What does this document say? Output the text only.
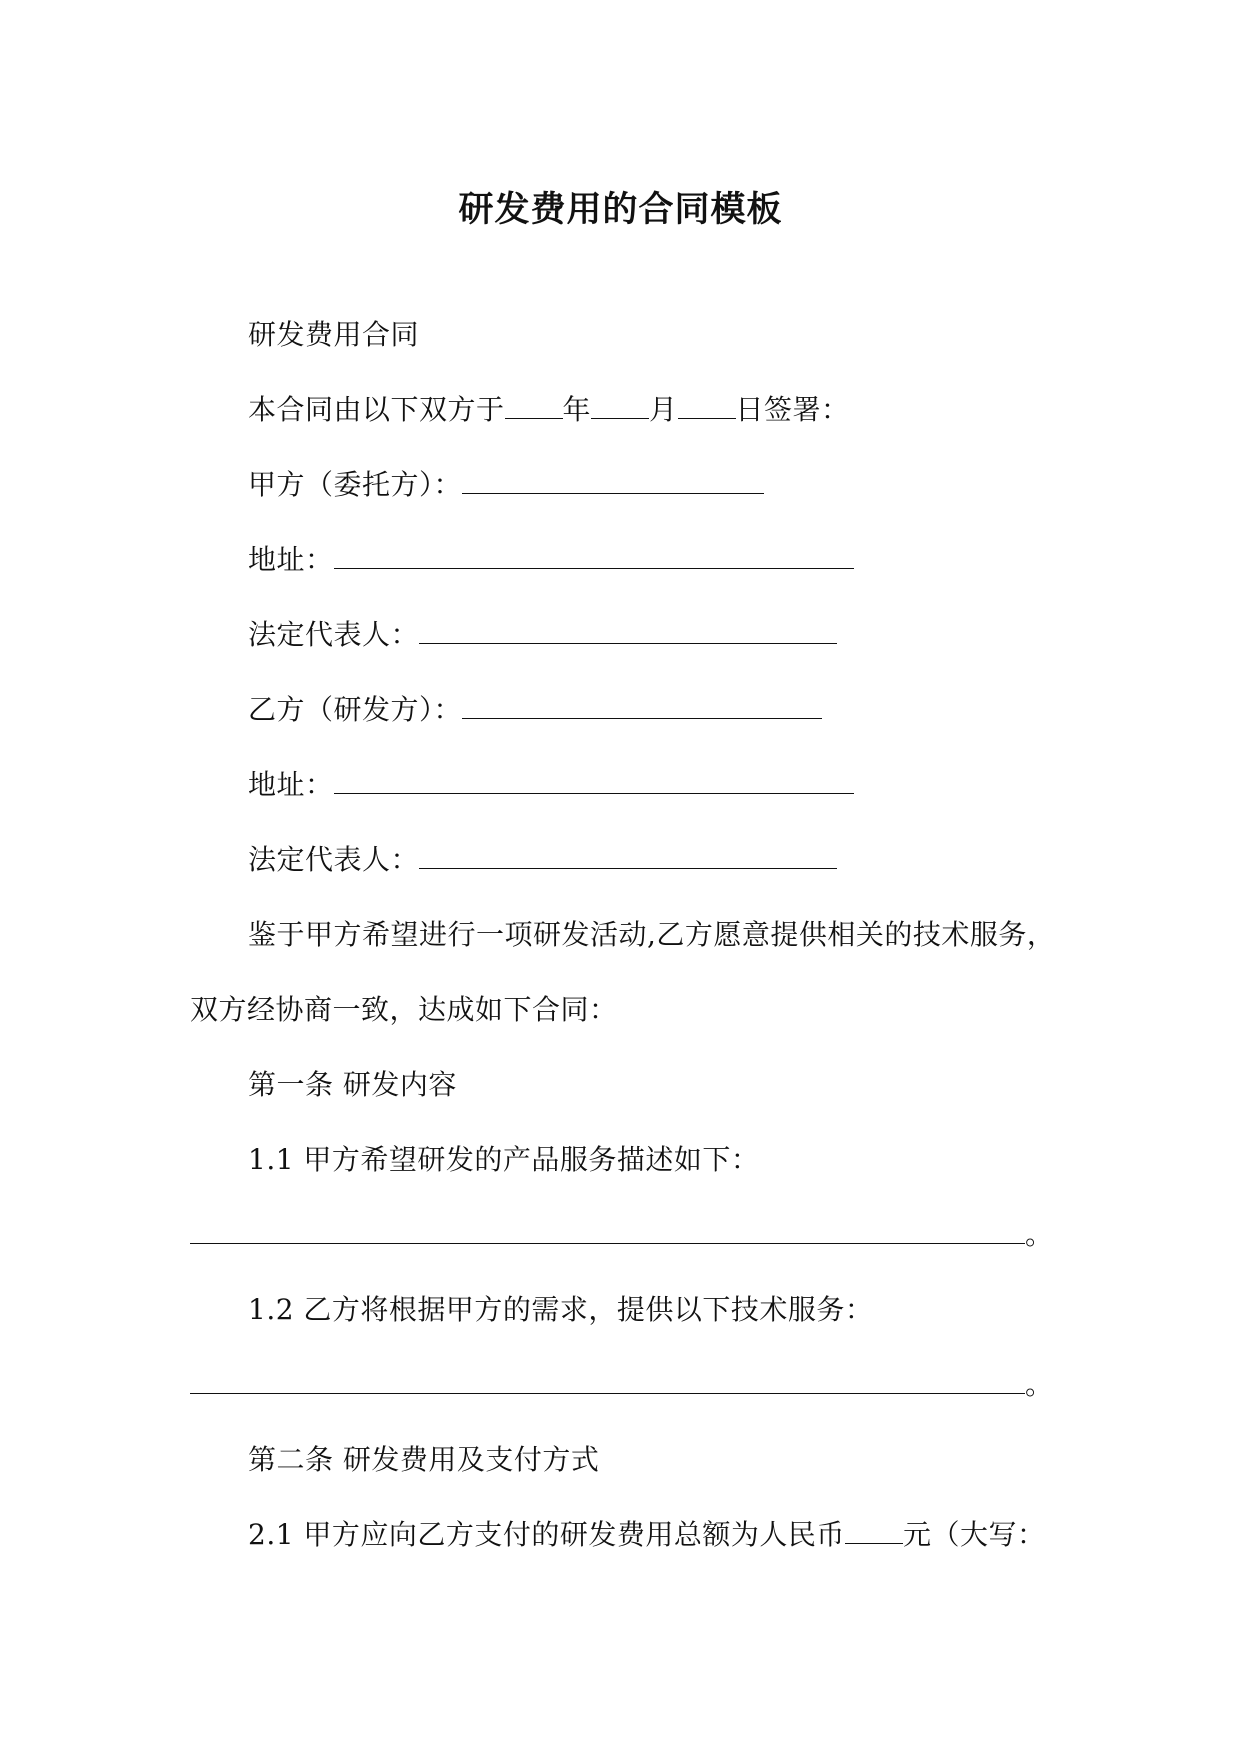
研发费用的合同模板
研发费用合同
本合同由以下双方于 年 月 日签署：
甲方（委托方）：
地址：
法定代表人：
乙方（研发方）：
地址：
法定代表人：
鉴于甲方希望进行一项研发活动,乙方愿意提供相关的技术服务，
双方经协商一致，达成如下合同：
第一条 研发内容
1.1 甲方希望研发的产品服务描述如下：
。
1.2 乙方将根据甲方的需求，提供以下技术服务：
。
第二条 研发费用及支付方式
2.1 甲方应向乙方支付的研发费用总额为人民币 元（大写：
